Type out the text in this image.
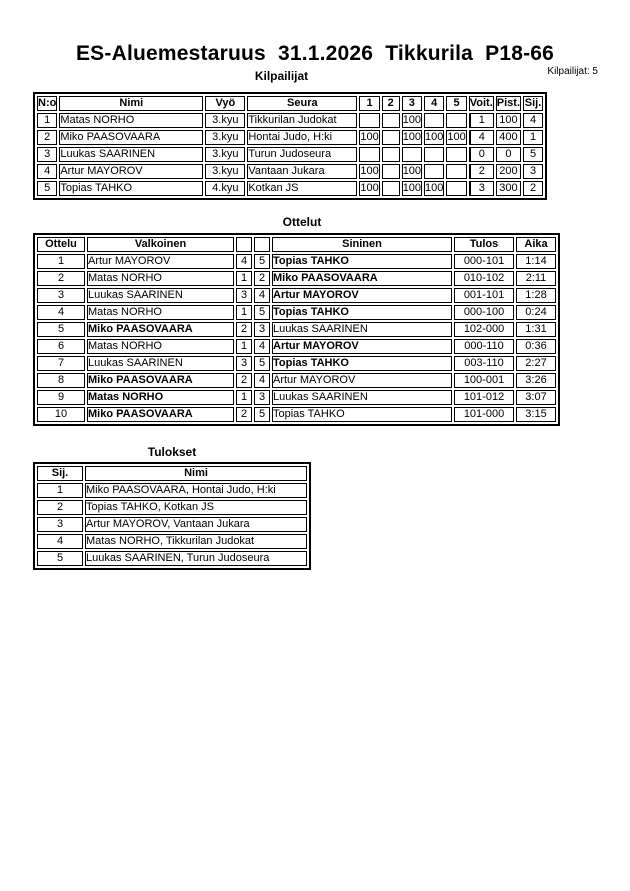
ES-Aluemestaruus  31.1.2026  Tikkurila  P18-66
Kilpailijat	Kilpailijat: 5
N:o	Nimi	Vyö	Seura	1	2	3	4	5	Voit.	Pist.	Sij.
1	Matas NORHO	3.kyu	Tikkurilan Judokat			100			1	100	4
2	Miko PAASOVAARA	3.kyu	Hontai Judo, H:ki	100		100	100	100	4	400	1
3	Luukas SAARINEN	3.kyu	Turun Judoseura						0	0	5
4	Artur MAYOROV	3.kyu	Vantaan Jukara	100		100			2	200	3
5	Topias TAHKO	4.kyu	Kotkan JS	100		100	100		3	300	2
Ottelut
Ottelu	Valkoinen			Sininen	Tulos	Aika
1	Artur MAYOROV	4	5	Topias TAHKO	000-101	1:14
2	Matas NORHO	1	2	Miko PAASOVAARA	010-102	2:11
3	Luukas SAARINEN	3	4	Artur MAYOROV	001-101	1:28
4	Matas NORHO	1	5	Topias TAHKO	000-100	0:24
5	Miko PAASOVAARA	2	3	Luukas SAARINEN	102-000	1:31
6	Matas NORHO	1	4	Artur MAYOROV	000-110	0:36
7	Luukas SAARINEN	3	5	Topias TAHKO	003-110	2:27
8	Miko PAASOVAARA	2	4	Artur MAYOROV	100-001	3:26
9	Matas NORHO	1	3	Luukas SAARINEN	101-012	3:07
10	Miko PAASOVAARA	2	5	Topias TAHKO	101-000	3:15
Tulokset
Sij.	Nimi
1	Miko PAASOVAARA, Hontai Judo, H:ki
2	Topias TAHKO, Kotkan JS
3	Artur MAYOROV, Vantaan Jukara
4	Matas NORHO, Tikkurilan Judokat
5	Luukas SAARINEN, Turun Judoseura
